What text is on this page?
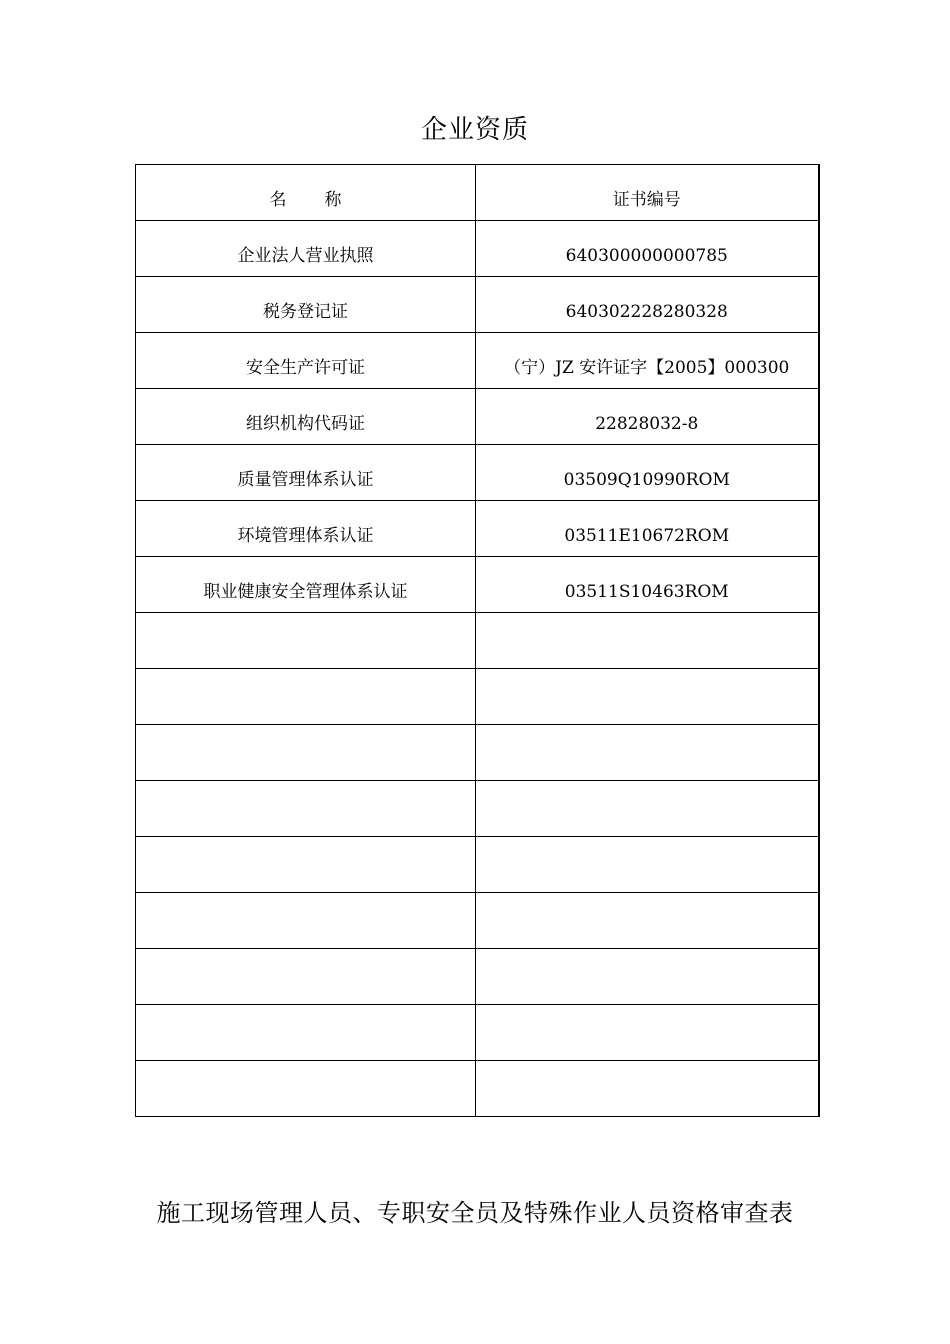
企业资质
名 称	证书编号
企业法人营业执照	640300000000785
税务登记证	640302228280328
安全生产许可证	（宁）JZ 安许证字【2005】000300
组织机构代码证	22828032-8
质量管理体系认证	03509Q10990ROM
环境管理体系认证	03511E10672ROM
职业健康安全管理体系认证	03511S10463ROM

施工现场管理人员、专职安全员及特殊作业人员资格审查表
